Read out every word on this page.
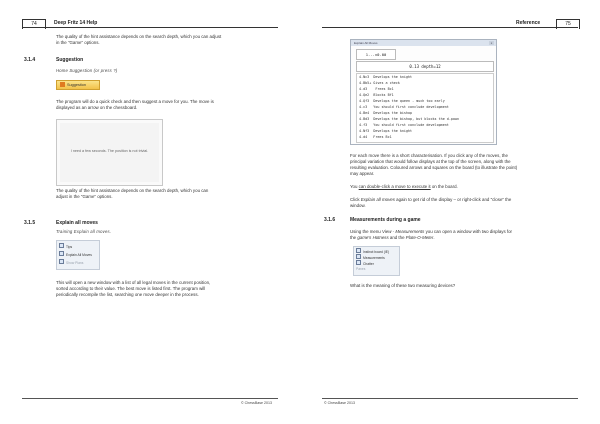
74	Deep Fritz 14 Help
The quality of the hint assistance depends on the search depth, which you can adjust
in the "Game" options.
3.1.4	Suggestion
Home Suggestion (or press ?)
Suggestion
The program will do a quick check and then suggest a move for you. The move is
displayed as an arrow on the chessboard.
I need a few seconds. The position is not trivial.
The quality of the hint assistance depends on the search depth, which you can
adjust in the "Game" options.
3.1.5	Explain all moves
Training Explain all moves.
Tips
Explain All Moves
Show Plans
This will open a new window with a list of all legal moves in the current position,
sorted according to their value. The best move is listed first. The program will
periodically recompile the list, searching one move deeper in the process.
© ChessBase 2013
Reference	75
Explain All Moves	x
1...±0.00
0.13 depth=12
4.Nc3 Develops the knight
4.Bb5+ Gives a check
4.d3 Frees Bc1
4.Qe2 Blocks Bf1
4.Qf3 Develops the queen - much too early
4.c3 You should first conclude development
4.Be4 Develops the bishop
4.Bd3 Develops the bishop, but blocks the d-pawn
4.f3 You should first conclude development
4.Nf3 Develops the knight
4.d4 Frees Bc1
For each move there is a short characterisation. If you click any of the moves, the
principal variation that would follow displays at the top of the screen, along with the
resulting evaluation. Coloured arrows and squares on the board (to illustrate the point)
may appear.
You can double-click a move to execute it on the board.
Click Explain all moves again to get rid of the display – or right-click and "close" the
window.
3.1.6	Measurements during a game
Using the menu View - Measurements you can open a window with two displays for
the game's Hotness and the Plate-O-Meter.
Instinct board (IE)
Measurements
Chatter
Panes
What is the meaning of these two measuring devices?
© ChessBase 2013
